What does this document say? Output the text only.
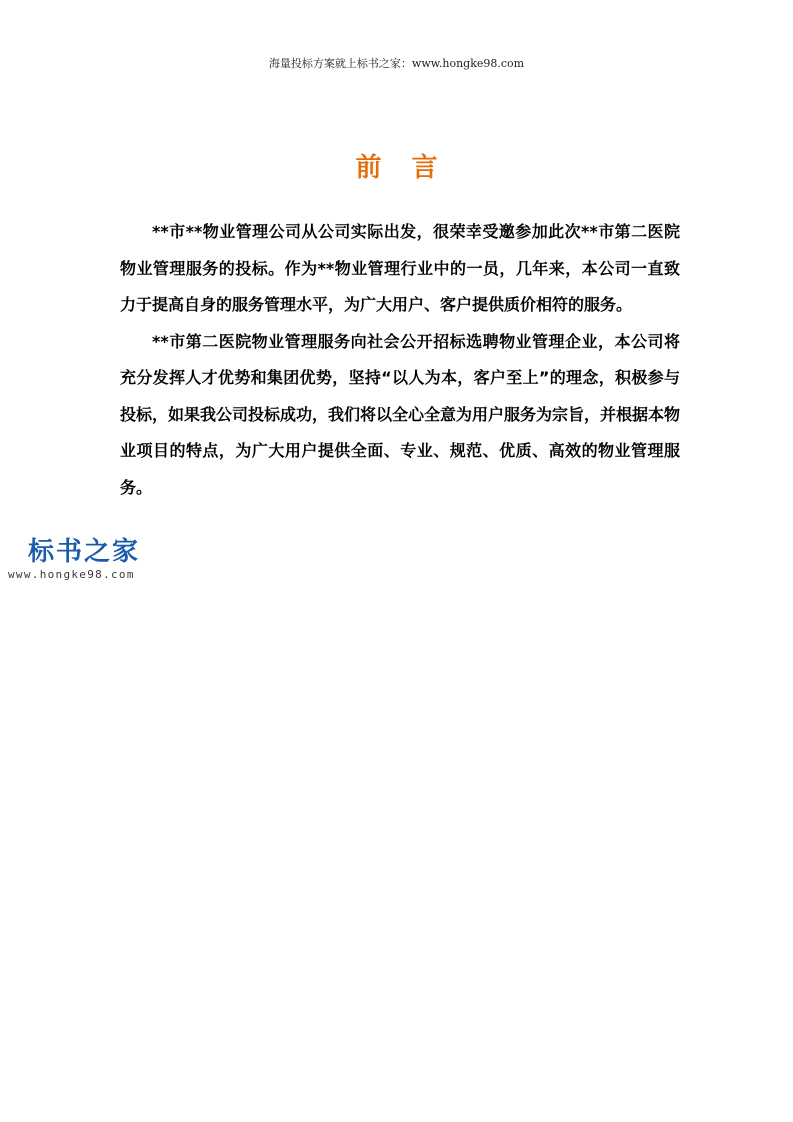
海量投标方案就上标书之家：www.hongke98.com
前言

**市**物业管理公司从公司实际出发，很荣幸受邀参加此次**市第二医院物业管理服务的投标。作为**物业管理行业中的一员，几年来，本公司一直致力于提高自身的服务管理水平，为广大用户、客户提供质价相符的服务。

**市第二医院物业管理服务向社会公开招标选聘物业管理企业，本公司将充分发挥人才优势和集团优势，坚持“以人为本，客户至上”的理念，积极参与投标，如果我公司投标成功，我们将以全心全意为用户服务为宗旨，并根据本物业项目的特点，为广大用户提供全面、专业、规范、优质、高效的物业管理服务。

标书之家
www.hongke98.com
